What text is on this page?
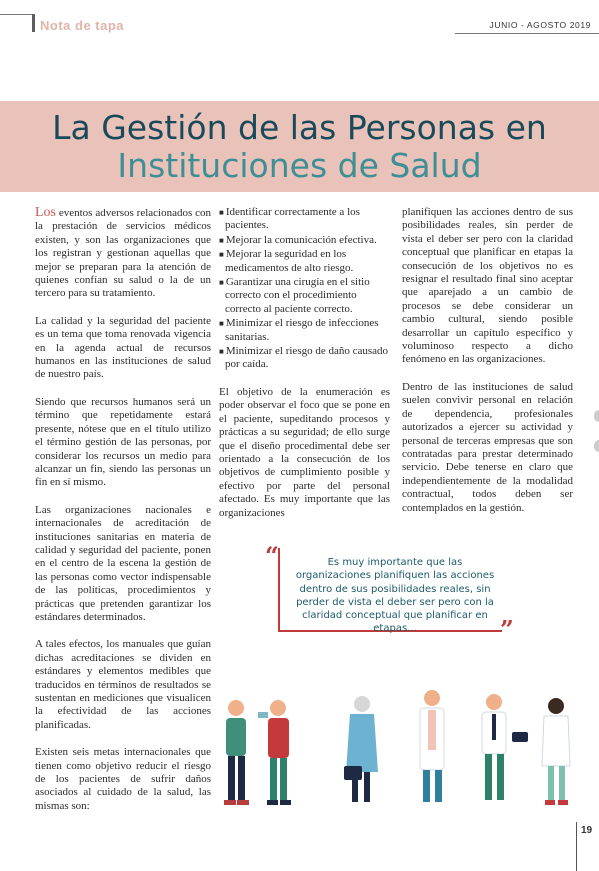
Nota de tapa	JUNIO - AGOSTO 2019
La Gestión de las Personas en
Instituciones de Salud

Los eventos adversos relacionados con la prestación de servicios médicos existen, y son las organizaciones que los registran y gestionan aquellas que mejor se preparan para la atención de quienes confían su salud o la de un tercero para su tratamiento.

La calidad y la seguridad del paciente es un tema que toma renovada vigencia en la agenda actual de recursos humanos en las instituciones de salud de nuestro país.

Siendo que recursos humanos será un término que repetidamente estará presente, nótese que en el título utilizo el término gestión de las personas, por considerar los recursos un medio para alcanzar un fin, siendo las personas un fin en sí mismo.

Las organizaciones nacionales e internacionales de acreditación de instituciones sanitarias en materia de calidad y seguridad del paciente, ponen en el centro de la escena la gestión de las personas como vector indispensable de las políticas, procedimientos y prácticas que pretenden garantizar los estándares determinados.

A tales efectos, los manuales que guían dichas acreditaciones se dividen en estándares y elementos medibles que traducidos en términos de resultados se sustentan en mediciones que visualicen la efectividad de las acciones planificadas.

Existen seis metas internacionales que tienen como objetivo reducir el riesgo de los pacientes de sufrir daños asociados al cuidado de la salud, las mismas son:

■ Identificar correctamente a los pacientes.
■ Mejorar la comunicación efectiva.
■ Mejorar la seguridad en los medicamentos de alto riesgo.
■ Garantizar una cirugía en el sitio correcto con el procedimiento correcto al paciente correcto.
■ Minimizar el riesgo de infecciones sanitarias.
■ Minimizar el riesgo de daño causado por caída.

El objetivo de la enumeración es poder observar el foco que se pone en el paciente, supeditando procesos y prácticas a su seguridad; de ello surge que el diseño procedimental debe ser orientado a la consecución de los objetivos de cumplimiento posible y efectivo por parte del personal afectado. Es muy importante que las organizaciones

planifiquen las acciones dentro de sus posibilidades reales, sin perder de vista el deber ser pero con la claridad conceptual que planificar en etapas la consecución de los objetivos no es resignar el resultado final sino aceptar que aparejado a un cambio de procesos se debe considerar un cambio cultural, siendo posible desarrollar un capítulo específico y voluminoso respecto a dicho fenómeno en las organizaciones.

Dentro de las instituciones de salud suelen convivir personal en relación de dependencia, profesionales autorizados a ejercer su actividad y personal de terceras empresas que son contratadas para prestar determinado servicio. Debe tenerse en claro que independientemente de la modalidad contractual, todos deben ser contemplados en la gestión.

“	Es muy importante que las organizaciones planifiquen las acciones dentro de sus posibilidades reales, sin perder de vista el deber ser pero con la claridad conceptual que planificar en etapas...	”
19
